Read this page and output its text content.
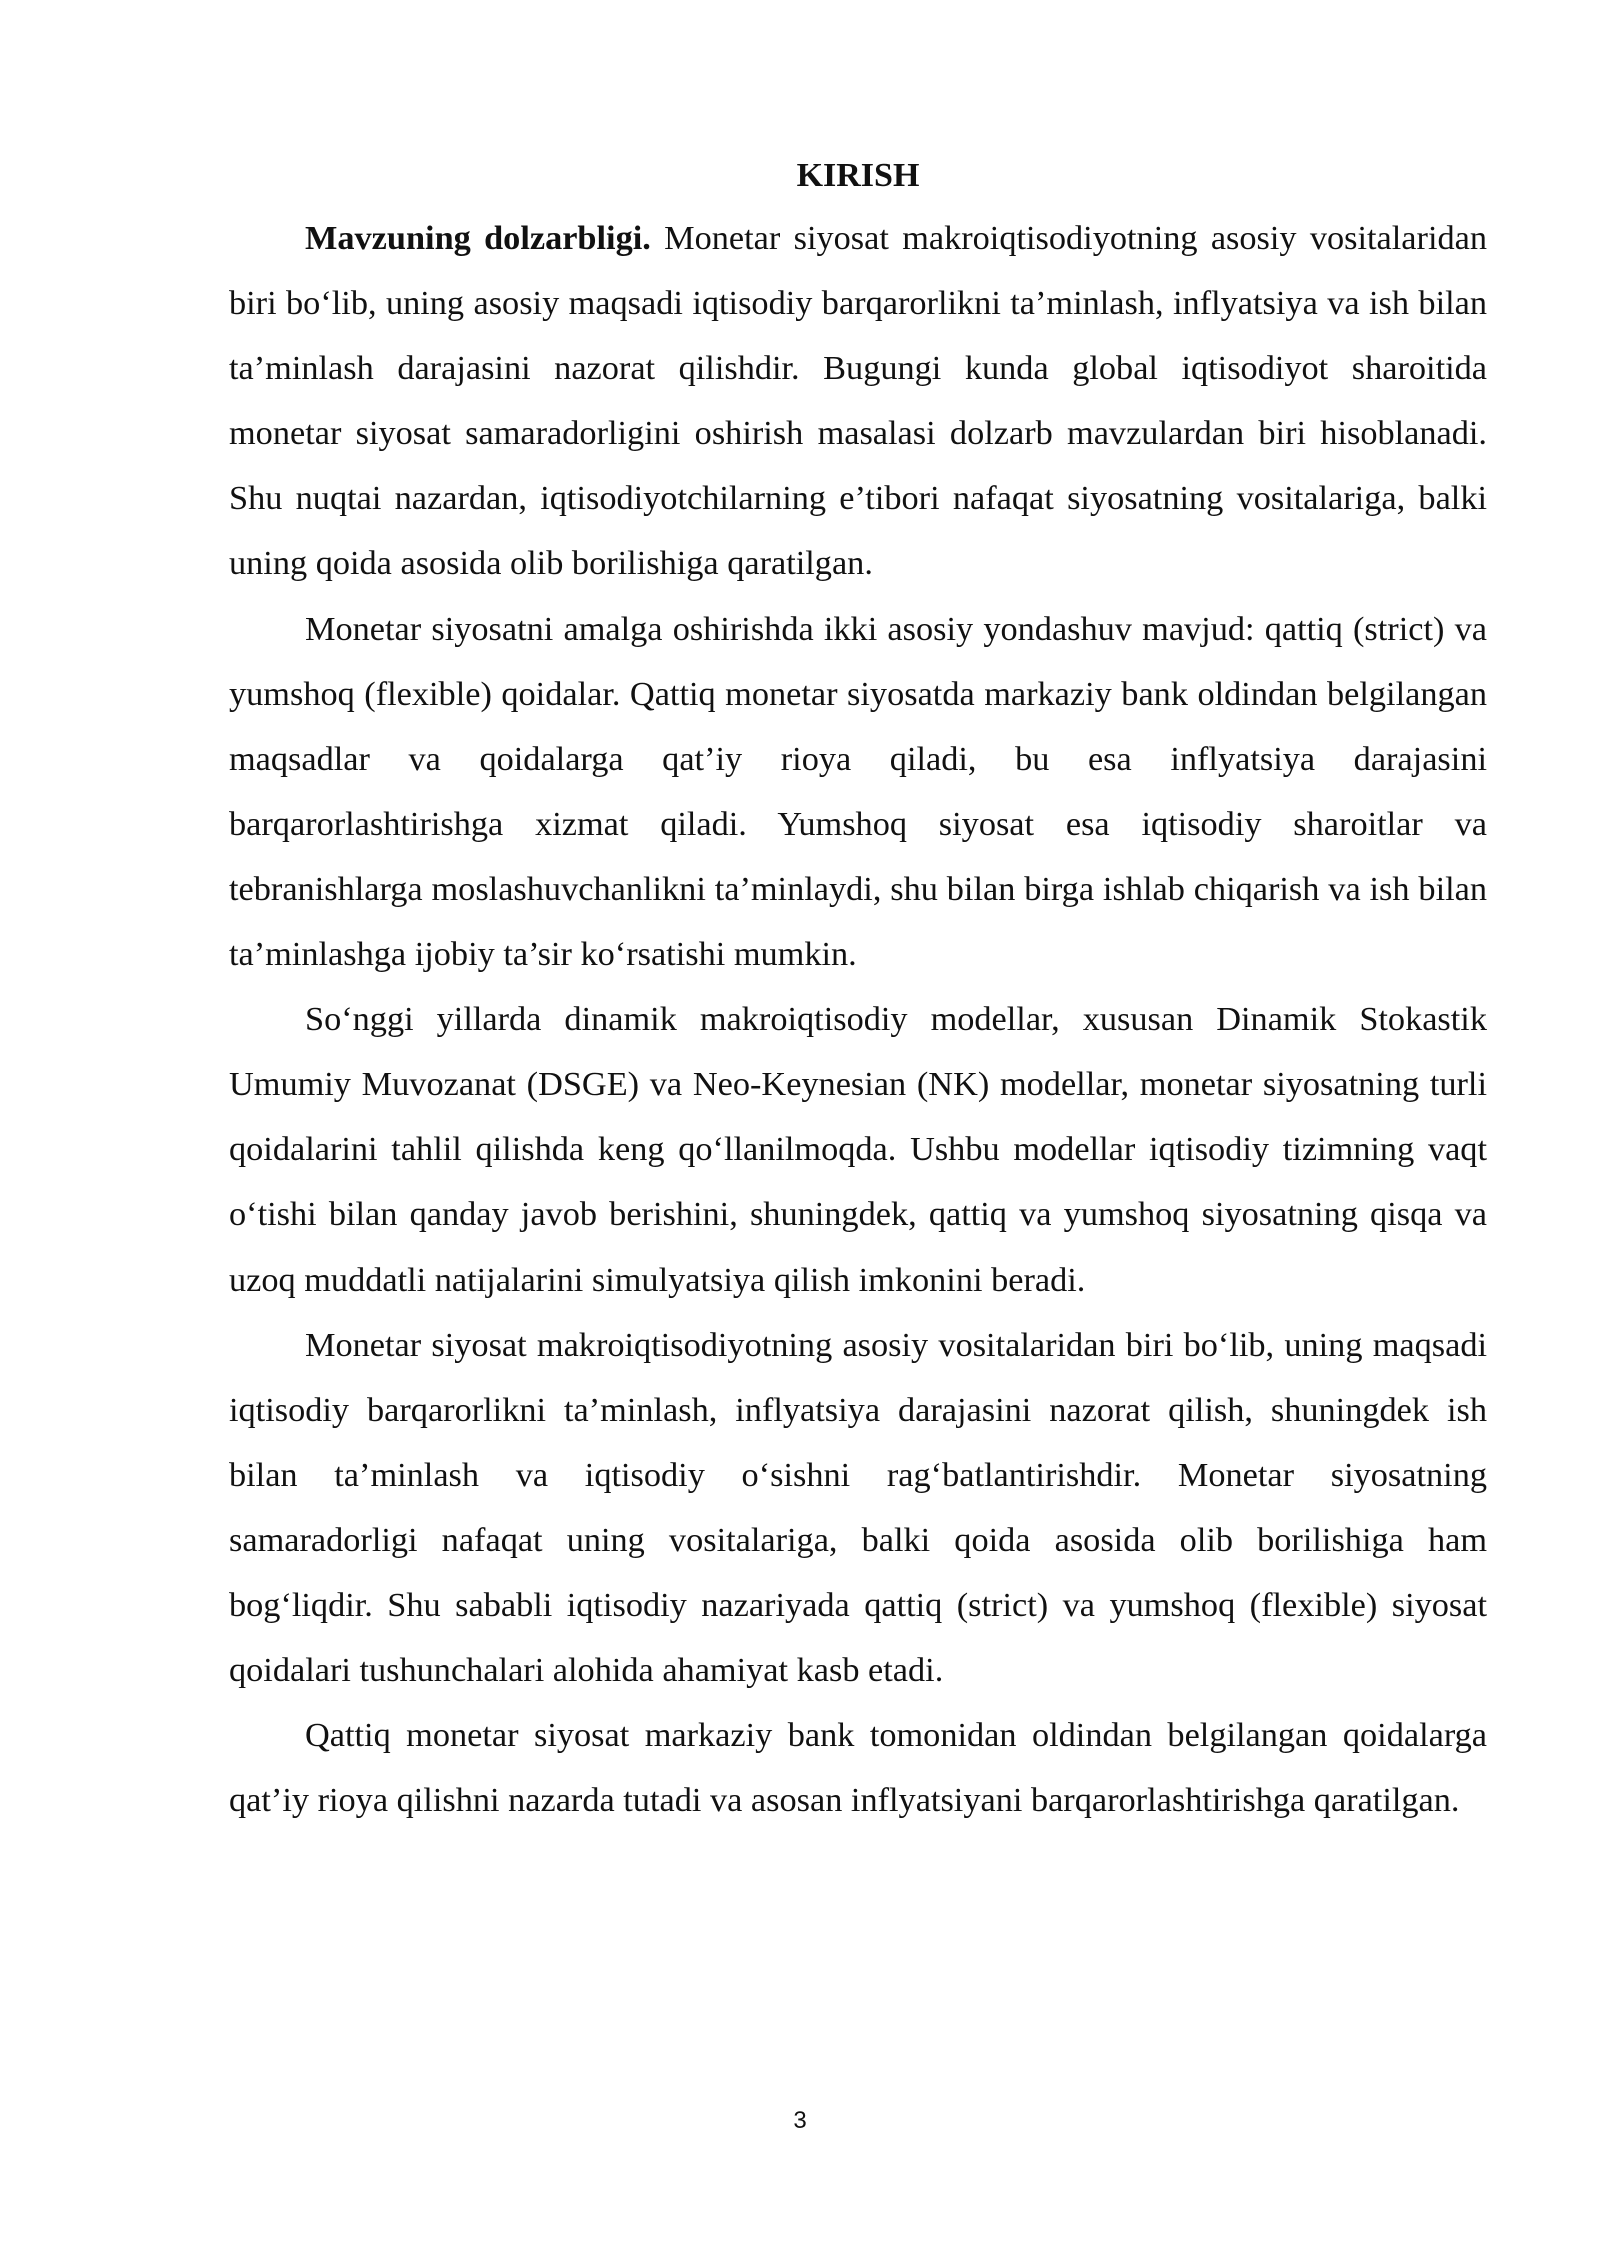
KIRISH

Mavzuning dolzarbligi. Monetar siyosat makroiqtisodiyotning asosiy vositalaridan biri bo‘lib, uning asosiy maqsadi iqtisodiy barqarorlikni ta’minlash, inflyatsiya va ish bilan ta’minlash darajasini nazorat qilishdir. Bugungi kunda global iqtisodiyot sharoitida monetar siyosat samaradorligini oshirish masalasi dolzarb mavzulardan biri hisoblanadi. Shu nuqtai nazardan, iqtisodiyotchilarning e’tibori nafaqat siyosatning vositalariga, balki uning qoida asosida olib borilishiga qaratilgan.

Monetar siyosatni amalga oshirishda ikki asosiy yondashuv mavjud: qattiq (strict) va yumshoq (flexible) qoidalar. Qattiq monetar siyosatda markaziy bank oldindan belgilangan maqsadlar va qoidalarga qat’iy rioya qiladi, bu esa inflyatsiya darajasini barqarorlashtirishga xizmat qiladi. Yumshoq siyosat esa iqtisodiy sharoitlar va tebranishlarga moslashuvchanlikni ta’minlaydi, shu bilan birga ishlab chiqarish va ish bilan ta’minlashga ijobiy ta’sir ko‘rsatishi mumkin.

So‘nggi yillarda dinamik makroiqtisodiy modellar, xususan Dinamik Stokastik Umumiy Muvozanat (DSGE) va Neo-Keynesian (NK) modellar, monetar siyosatning turli qoidalarini tahlil qilishda keng qo‘llanilmoqda. Ushbu modellar iqtisodiy tizimning vaqt o‘tishi bilan qanday javob berishini, shuningdek, qattiq va yumshoq siyosatning qisqa va uzoq muddatli natijalarini simulyatsiya qilish imkonini beradi.

Monetar siyosat makroiqtisodiyotning asosiy vositalaridan biri bo‘lib, uning maqsadi iqtisodiy barqarorlikni ta’minlash, inflyatsiya darajasini nazorat qilish, shuningdek ish bilan ta’minlash va iqtisodiy o‘sishni rag‘batlantirishdir. Monetar siyosatning samaradorligi nafaqat uning vositalariga, balki qoida asosida olib borilishiga ham bog‘liqdir. Shu sababli iqtisodiy nazariyada qattiq (strict) va yumshoq (flexible) siyosat qoidalari tushunchalari alohida ahamiyat kasb etadi.

Qattiq monetar siyosat markaziy bank tomonidan oldindan belgilangan qoidalarga qat’iy rioya qilishni nazarda tutadi va asosan inflyatsiyani barqarorlashtirishga qaratilgan.

3
